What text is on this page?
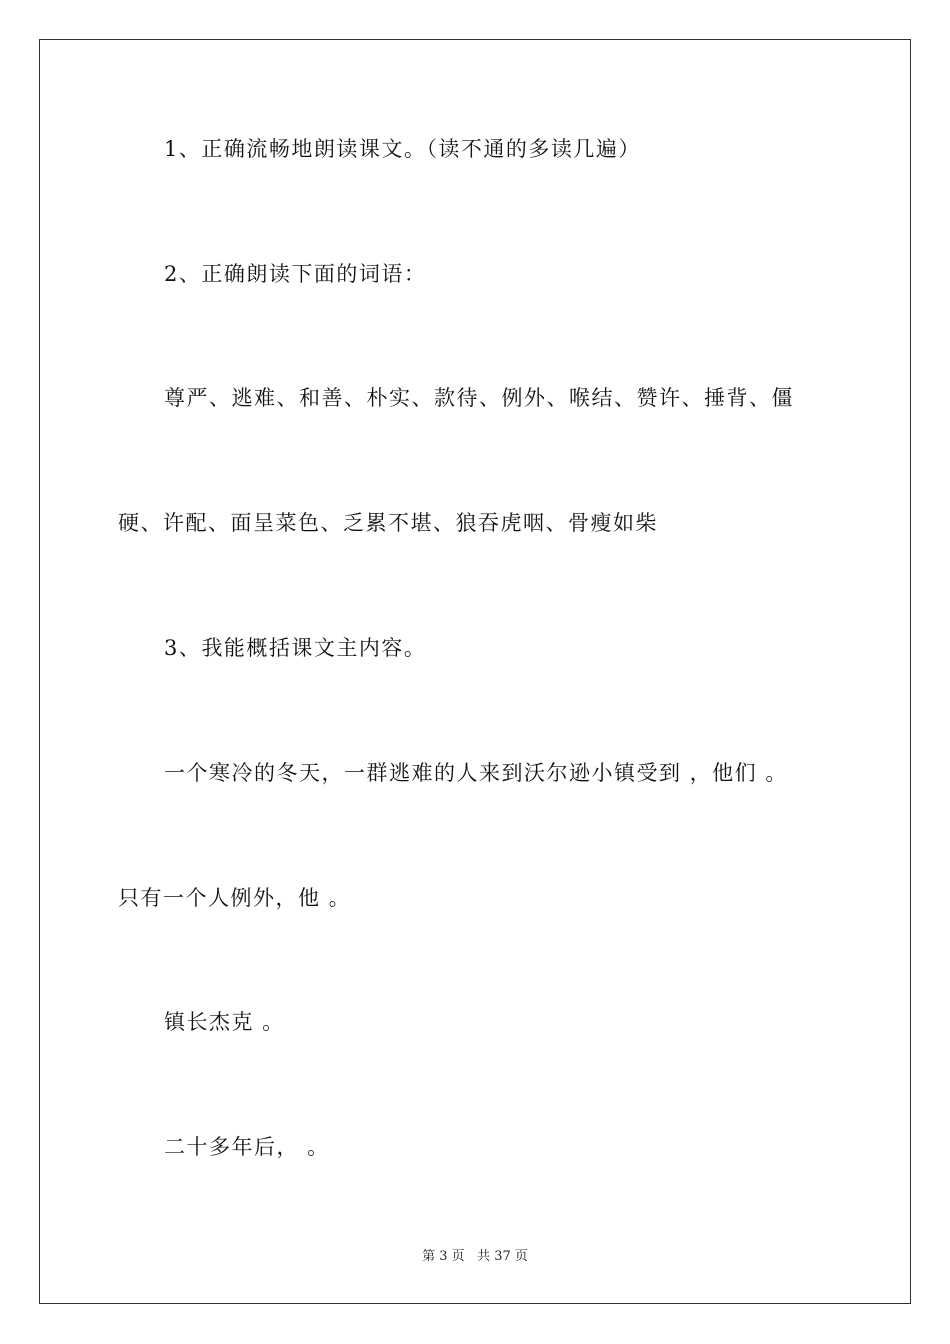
1、正确流畅地朗读课文。（读不通的多读几遍）
2、正确朗读下面的词语：
尊严、逃难、和善、朴实、款待、例外、喉结、赞许、捶背、僵
硬、许配、面呈菜色、乏累不堪、狼吞虎咽、骨瘦如柴
3、我能概括课文主内容。
一个寒冷的冬天，一群逃难的人来到沃尔逊小镇受到 ，他们 。
只有一个人例外，他 。
镇长杰克 。
二十多年后， 。
第 3 页 共 37 页
